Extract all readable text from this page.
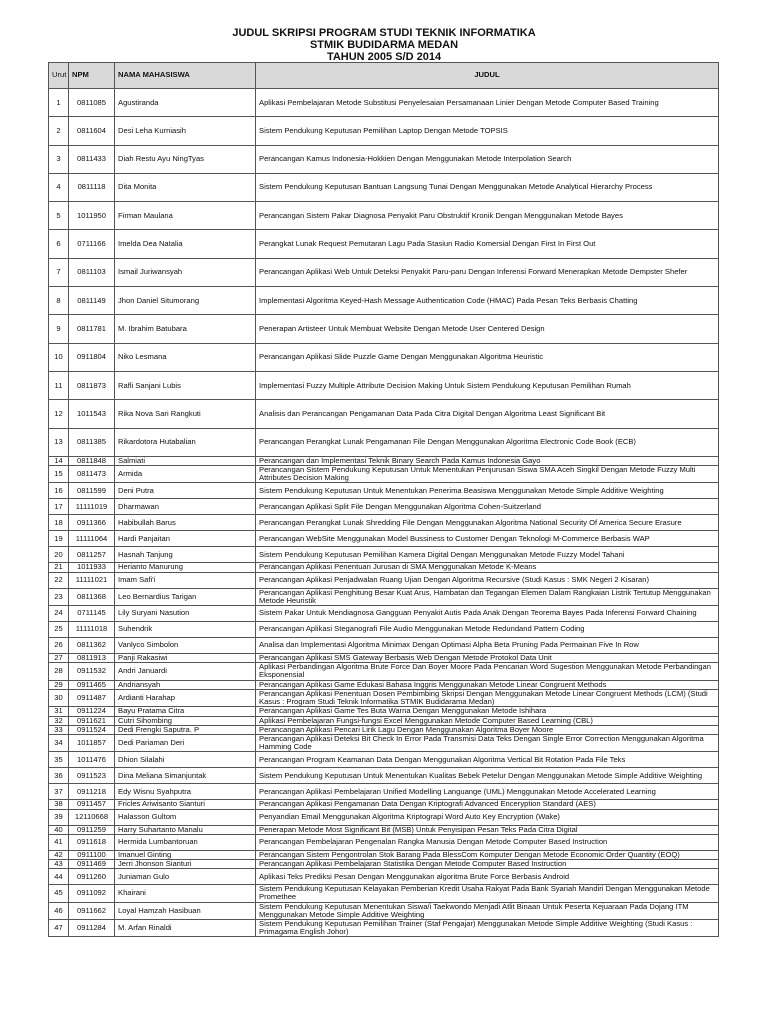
JUDUL SKRIPSI PROGRAM STUDI TEKNIK INFORMATIKA
STMIK BUDIDARMA MEDAN
TAHUN 2005 S/D 2014
Urut	NPM	NAMA MAHASISWA	JUDUL
1	0811085	Agustiranda	Aplikasi Pembelajaran Metode Substitusi Penyelesaian Persamanaan Linier Dengan Metode Computer Based Training
2	0811604	Desi Leha Kurniasih	Sistem Pendukung Keputusan Pemilihan Laptop Dengan Metode TOPSIS
3	0811433	Diah Restu Ayu NingTyas	Perancangan Kamus Indonesia-Hokkien Dengan Menggunakan Metode Interpolation Search
4	0811118	Dita Monita	Sistem Pendukung Keputusan Bantuan Langsung Tunai Dengan Menggunakan Metode Analytical Hierarchy Process
5	1011950	Firman Maulana	Perancangan Sistem Pakar Diagnosa Penyakit Paru Obstruktif Kronik Dengan Menggunakan Metode Bayes
6	0711166	Imelda Dea Natalia	Perangkat Lunak Request Pemutaran Lagu Pada Stasiun Radio Komersial Dengan First In First Out
7	0811103	Ismail Juriwansyah	Perancangan Aplikasi Web Untuk Deteksi Penyakit Paru-paru Dengan Inferensi Forward Menerapkan Metode Dempster Shefer
8	0811149	Jhon Daniel Situmorang	Implementasi Algoritma Keyed-Hash Message Authentication Code (HMAC) Pada Pesan Teks Berbasis Chatting
9	0811781	M. Ibrahim Batubara	Penerapan Artisteer Untuk Membuat Website Dengan Metode User Centered Design
10	0911804	Niko Lesmana	Perancangan Aplikasi Slide Puzzle Game Dengan Menggunakan Algoritma Heuristic
11	0811873	Rafli Sanjani Lubis	Implementasi Fuzzy Multiple Attribute Decision Making Untuk Sistem Pendukung Keputusan Pemilihan Rumah
12	1011543	Rika Nova Sari Rangkuti	Analisis dan Perancangan Pengamanan Data Pada Citra Digital Dengan Algoritma Least Significant Bit
13	0811385	Rikardotora Hutabalian	Perancangan Perangkat Lunak Pengamanan File Dengan Menggunakan Algoritma Electronic Code Book (ECB)
14	0811848	Salmiati	Perancangan dan Implementasi Teknik Binary Search Pada Kamus Indonesia Gayo
15	0811473	Armida	Perancangan Sistem Pendukung Keputusan Untuk Menentukan Penjurusan Siswa SMA Aceh Singkil Dengan Metode Fuzzy Multi Attributes Decision Making
16	0811599	Deni Putra	Sistem Pendukung Keputusan Untuk Menentukan Penerima Beasiswa Menggunakan Metode Simple Additive Weighting
17	11111019	Dharmawan	Perancangan Aplikasi Split File Dengan Menggunakan Algoritma Cohen-Suitzerland
18	0911366	Habibullah Barus	Perancangan Perangkat Lunak Shredding File Dengan Menggunakan Algoritma National Security Of America Secure Erasure
19	11111064	Hardi Panjaitan	Perancangan WebSite Menggunakan Model Bussiness to Customer Dengan Teknologi M-Commerce Berbasis WAP
20	0811257	Hasnah Tanjung	Sistem Pendukung Keputusan Pemilihan Kamera Digital Dengan Menggunakan Metode Fuzzy Model Tahani
21	1011933	Herianto Manurung	Perancangan Aplikasi Penentuan Jurusan di SMA Menggunakan Metode K-Means
22	11111021	Imam Safi'i	Perancangan Aplikasi Penjadwalan Ruang Ujian Dengan Algoritma Recursive (Studi Kasus : SMK Negeri 2 Kisaran)
23	0811368	Leo Bernardius Tarigan	Perancangan Aplikasi Penghitung Besar Kuat Arus, Hambatan dan Tegangan Elemen Dalam Rangkaian Listrik Tertutup Menggunakan Metode Heuristik
24	0711145	Lily Suryani Nasution	Sistem Pakar Untuk Mendiagnosa Gangguan Penyakit Autis Pada Anak Dengan Teorema Bayes Pada Inferensi Forward Chaining
25	11111018	Suhendrik	Perancangan Aplikasi Steganografi File Audio Menggunakan Metode Redundand Pattern Coding
26	0811362	Vanlyco Simbolon	Analisa dan Implementasi Algoritma Minimax Dengan Optimasi Alpha Beta Pruning Pada Permainan Five In Row
27	0811913	Panji Rakasiwi	Perancangan Aplikasi SMS Gateway Berbasis Web Dengan Metode Protokol Data Unit
28	0911532	Andri Januardi	Aplikasi Perbandingan Algoritma Brute Force Dan Boyer Moore Pada Pencarian Word Sugestion Menggunakan Metode Perbandingan Eksponensial
29	0911465	Andriansyah	Perancangan Aplikasi Game Edukasi Bahasa Inggris Menggunakan Metode Linear Congruent Methods
30	0911487	Ardianti Harahap	Perancangan Aplikasi Penentuan Dosen Pembimbing Skripsi Dengan Menggunakan Metode Linear Congruent Methods (LCM) (Studi Kasus : Program Studi Teknik Informatika STMIK Budidarama Medan)
31	0911224	Bayu Pratama Citra	Perancangan Aplikasi Game Tes Buta Warna Dengan Menggunakan Metode Ishihara
32	0911621	Cutri Sihombing	Aplikasi Pembelajaran Fungsi-fungsi Excel Menggunakan Metode Computer Based Learning (CBL)
33	0911524	Dedi Frengki Saputra. P	Perancangan Aplikasi Pencari Lirik Lagu Dengan Menggunakan Algoritma Boyer Moore
34	1011857	Dedi Pariaman Deri	Perancangan Aplikasi Deteksi Bit Check In Error Pada Transmisi Data Teks Dengan Single Error Correction Menggunakan Algoritma Hamming Code
35	1011476	Dhion Silalahi	Perancangan Program Keamanan Data Dengan Menggunakan Algoritma Vertical Bit Rotation Pada File Teks
36	0911523	Dina Meliana Simanjuntak	Sistem Pendukung Keputusan Untuk Menentukan Kualitas Bebek Petelur Dengan Menggunakan Metode Simple Additive Weighting
37	0911218	Edy Wisnu Syahputra	Perancangan Aplikasi Pembelajaran Unified Modelling Languange (UML) Menggunakan Metode Accelerated Learning
38	0911457	Fricles Ariwisanto Sianturi	Perancangan Aplikasi Pengamanan Data Dengan Kriptografi Advanced Enceryption Standard (AES)
39	12110668	Halasson Gultom	Penyandian Email Menggunakan Algoritma Kriptograpi Word Auto Key Encryption (Wake)
40	0911259	Harry Suhartanto Manalu	Penerapan Metode Most Significant Bit (MSB) Untuk Penyisipan Pesan Teks Pada Citra Digital
41	0911618	Hermida Lumbantoruan	Perancangan Pembelajaran Pengenalan Rangka Manusia Dengan Metode Computer Based Instruction
42	0911100	Imanuel Ginting	Perancangan Sistem Pengontrolan Stok Barang Pada BlessCom Komputer Dengan Metode Economic Order Quantity (EOQ)
43	0911469	Jerri Jhonson Sianturi	Perancangan Aplikasi Pembelajaran Statistika Dengan Metode Computer Based Instruction
44	0911260	Juniaman Gulo	Aplikasi Teks Prediksi Pesan Dengan Menggunakan algoritma Brute Force Berbasis Android
45	0911092	Khairani	Sistem Pendukung Keputusan Kelayakan Pemberian Kredit Usaha Rakyat Pada Bank Syariah Mandiri Dengan Menggunakan Metode Promethee
46	0911662	Loyal Hamzah Hasibuan	Sistem Pendukung Keputusan Menentukan Siswa/i Taekwondo Menjadi Atlit Binaan Untuk Peserta Kejuaraan Pada Dojang ITM Menggunakan Metode Simple Additive Weighting
47	0911284	M. Arfan Rinaldi	Sistem Pendukung Keputusan Pemilihan Trainer (Staf Pengajar) Menggunakan Metode Simple Additive Weighting (Studi Kasus : Primagama English Johor)
